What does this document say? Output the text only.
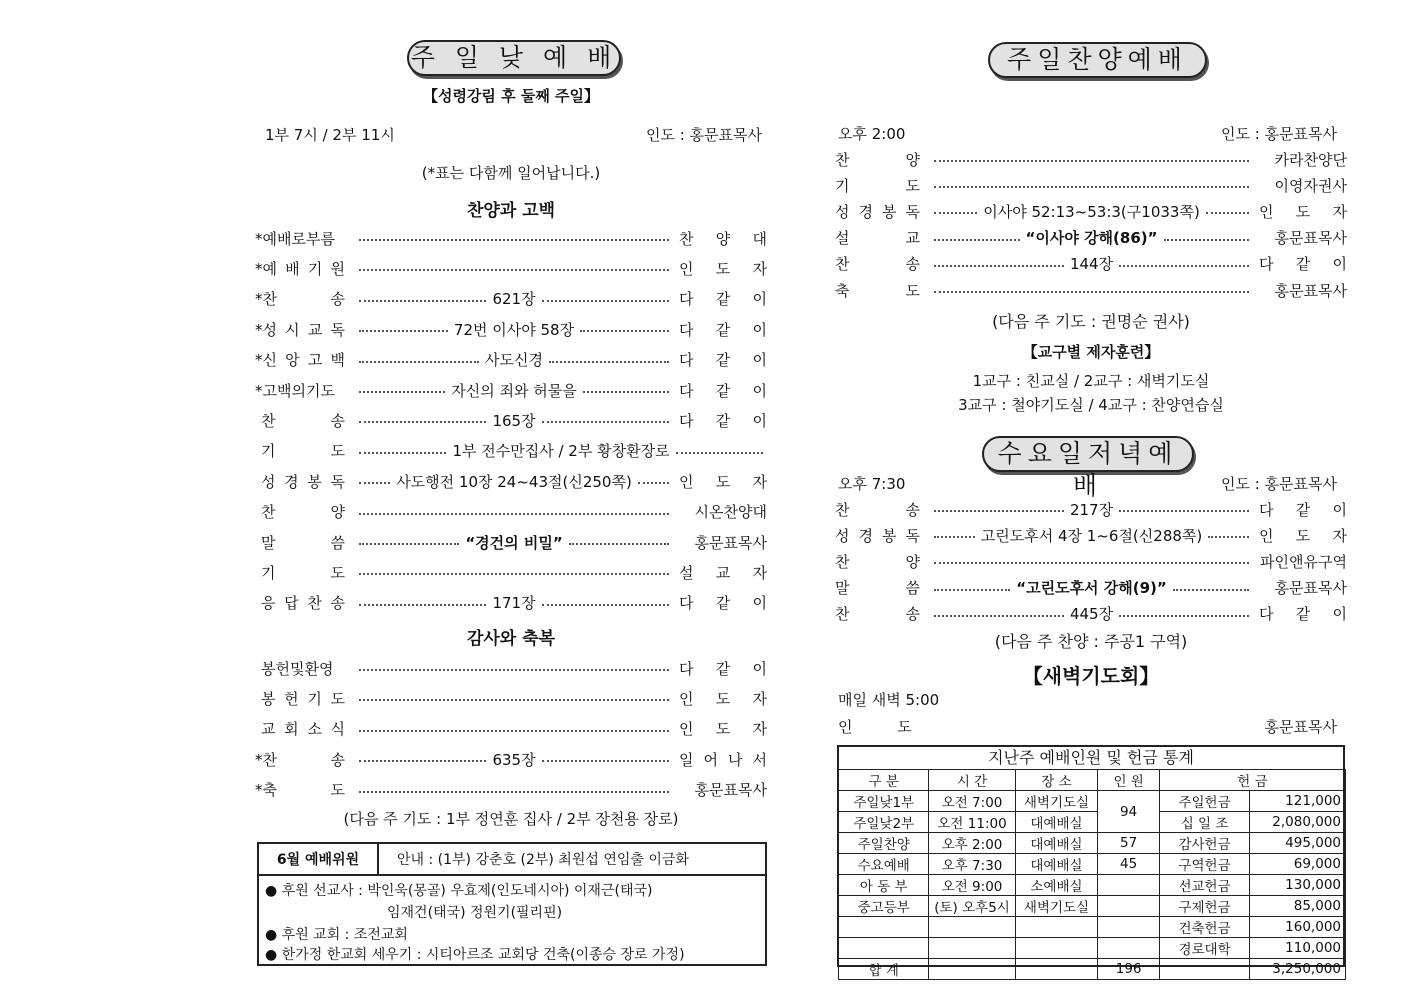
주 일 낮 예 배
【성령강림 후 둘째 주일】
1부 7시 / 2부 11시	인도 : 홍문표목사
(*표는 다함께 일어납니다.)
찬양과 고백
*예배로부름	찬 양 대
*예 배 기 원	인 도 자
*찬	송	621장	다 같 이
*성 시 교 독	72번 이사야 58장	다 같 이
*신 앙 고 백	사도신경	다 같 이
*고백의기도	자신의 죄와 허물을	다 같 이
찬	송	165장	다 같 이
기	도	1부 전수만집사 / 2부 황창환장로
성 경 봉 독	사도행전 10장 24~43절(신250쪽)	인 도 자
찬	양	시온찬양대
말	씀	“경건의 비밀”	홍문표목사
기	도	설 교 자
응 답 찬 송	171장	다 같 이
감사와 축복
봉헌및환영	다 같 이
봉 헌 기 도	인 도 자
교 회 소 식	인 도 자
*찬	송	635장	일 어 나 서
*축	도	홍문표목사
(다음 주 기도 : 1부 정연훈 집사 / 2부 장천용 장로)
6월 예배위원	안내 : (1부) 강춘호 (2부) 최원섭 연임출 이금화
● 후원 선교사 : 박인욱(몽골) 우효제(인도네시아) 이재근(태국)
임재건(태국) 정원기(필리핀)
● 후원 교회 : 조전교회
● 한가정 한교회 세우기 : 시티아르조 교회당 건축(이종승 장로 가정)
주일찬양예배
오후 2:00	인도 : 홍문표목사
찬	양	카라찬양단
기	도	이영자권사
성 경 봉 독	이사야 52:13~53:3(구1033쪽)	인 도 자
설	교	“이사야 강해(86)”	홍문표목사
찬	송	144장	다 같 이
축	도	홍문표목사
(다음 주 기도 : 권명순 권사)
【교구별 제자훈련】
1교구 : 친교실 / 2교구 : 새벽기도실
3교구 : 철야기도실 / 4교구 : 찬양연습실
수요일저녁예배
오후 7:30	인도 : 홍문표목사
찬	송	217장	다 같 이
성 경 봉 독	고린도후서 4장 1~6절(신288쪽)	인 도 자
찬	양	파인앤유구역
말	씀	“고린도후서 강해(9)”	홍문표목사
찬	송	445장	다 같 이
(다음 주 찬양 : 주공1 구역)
【새벽기도회】
매일 새벽 5:00
인 도	홍문표목사
지난주 예배인원 및 헌금 통계
구 분	시 간	장 소	인 원	헌 금	
주일낮1부	오전 7:00	새벽기도실	94	주일헌금	121,000
주일낮2부	오전 11:00	대예배실		십 일 조	2,080,000
주일찬양	오후 2:00	대예배실	57	감사헌금	495,000
수요예배	오후 7:30	대예배실	45	구역헌금	69,000
아 동 부	오전 9:00	소예배실		선교헌금	130,000
중고등부	(토) 오후5시	새벽기도실		구제헌금	85,000
				건축헌금	160,000
				경로대학	110,000
합 계			196		3,250,000
